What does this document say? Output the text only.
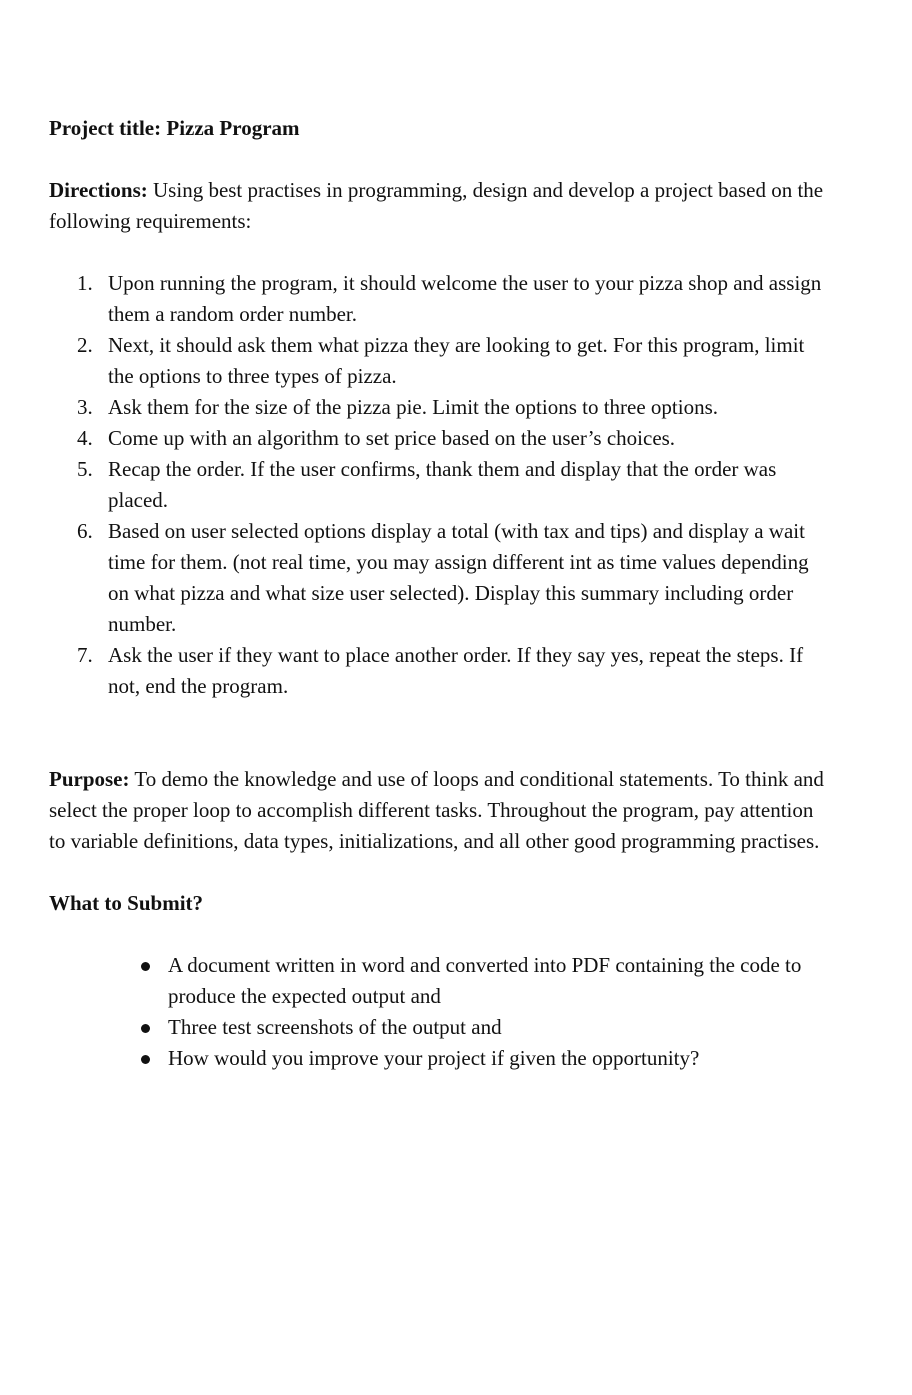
Project title: Pizza Program

Directions: Using best practises in programming, design and develop a project based on the following requirements:

1. Upon running the program, it should welcome the user to your pizza shop and assign them a random order number.
2. Next, it should ask them what pizza they are looking to get. For this program, limit the options to three types of pizza.
3. Ask them for the size of the pizza pie. Limit the options to three options.
4. Come up with an algorithm to set price based on the user’s choices.
5. Recap the order. If the user confirms, thank them and display that the order was placed.
6. Based on user selected options display a total (with tax and tips) and display a wait time for them. (not real time, you may assign different int as time values depending on what pizza and what size user selected). Display this summary including order number.
7. Ask the user if they want to place another order. If they say yes, repeat the steps. If not, end the program.

Purpose: To demo the knowledge and use of loops and conditional statements. To think and select the proper loop to accomplish different tasks. Throughout the program, pay attention to variable definitions, data types, initializations, and all other good programming practises.

What to Submit?

A document written in word and converted into PDF containing the code to produce the expected output and
Three test screenshots of the output and
How would you improve your project if given the opportunity?
